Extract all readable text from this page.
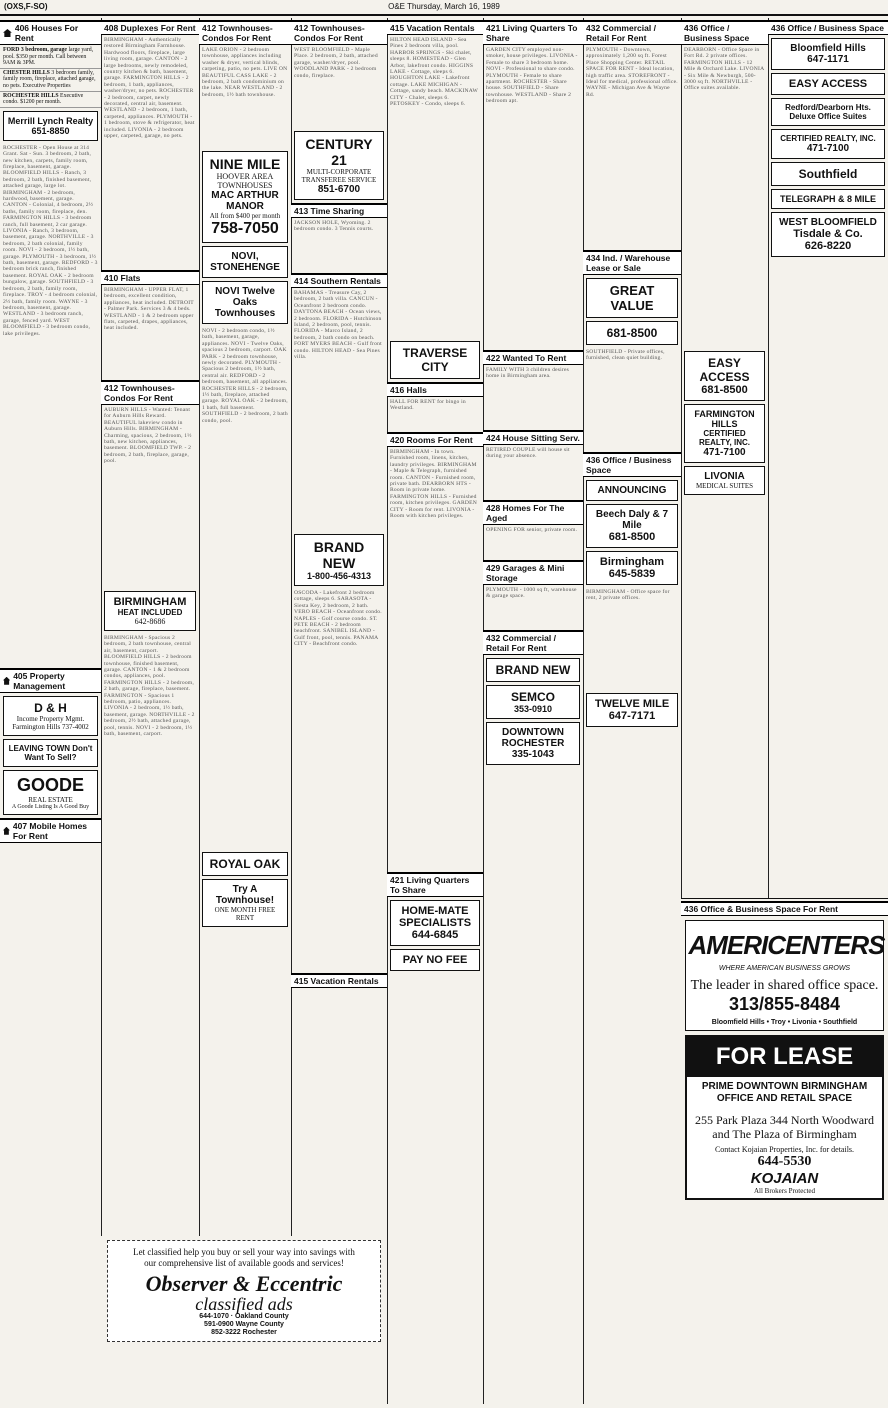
(OXS,F-SO)	O&E Thursday, March 16, 1989
406 Houses For Rent
FORD 3 bedroom, garage large yard, pool. $350 per month. Call between 9AM & 3PM.
CHESTER HILLS 3 bedroom family, family room, fireplace, attached garage, no pets. Executive Properties
ROCHESTER HILLS Executive condo. $1200 per month.
Merrill Lynch Realty
651-8850
ROCHESTER - Open House at 314 Grant. Sat - Sun. 3 bedroom, 2 bath, new kitchen, carpets, family room, fireplace, basement, garage. BLOOMFIELD HILLS - Ranch, 3 bedroom, 2 bath, finished basement, attached garage, large lot. BIRMINGHAM - 2 bedroom, hardwood, basement, garage. CANTON - Colonial, 4 bedroom, 2½ baths, family room, fireplace, den. FARMINGTON HILLS - 3 bedroom ranch, full basement, 2 car garage. LIVONIA - Ranch, 3 bedroom, basement, garage. NORTHVILLE - 3 bedroom, 2 bath colonial, family room. NOVI - 2 bedroom, 1½ bath, garage. PLYMOUTH - 3 bedroom, 1½ bath, basement, garage. REDFORD - 3 bedroom brick ranch, finished basement. ROYAL OAK - 2 bedroom bungalow, garage. SOUTHFIELD - 3 bedroom, 2 bath, family room, fireplace. TROY - 4 bedroom colonial, 2½ bath, family room. WAYNE - 3 bedroom, basement, garage. WESTLAND - 3 bedroom ranch, garage, fenced yard. WEST BLOOMFIELD - 3 bedroom condo, lake privileges.
405 Property Management
D & H
Income Property Mgmt.
Farmington Hills 737-4002
LEAVING TOWN Don't Want To Sell?
GOODE
REAL ESTATE
A Goode Listing Is A Good Buy
407 Mobile Homes For Rent
408 Duplexes For Rent
BIRMINGHAM - Authentically restored Birmingham Farmhouse. Hardwood floors, fireplace, large living room, garage. CANTON - 2 large bedrooms, newly remodeled, country kitchen & bath, basement, garage. FARMINGTON HILLS - 2 bedroom, 1 bath, appliances, washer/dryer, no pets. ROCHESTER - 2 bedroom, carpet, newly decorated, central air, basement. WESTLAND - 2 bedroom, 1 bath, carpeted, appliances. PLYMOUTH - 1 bedroom, stove & refrigerator, heat included. LIVONIA - 2 bedroom upper, carpeted, garage, no pets.
410 Flats
BIRMINGHAM - UPPER FLAT, 1 bedroom, excellent condition, appliances, heat included. DETROIT - Palmer Park. Services 3 & 4 beds. WESTLAND - 1 & 2 bedroom upper flats, carpeted, drapes, appliances, heat included.
412 Townhouses-Condos For Rent
AUBURN HILLS - Wanted: Tenant for Auburn Hills Reward. BEAUTIFUL lakeview condo in Auburn Hills. BIRMINGHAM - Charming, spacious, 2 bedroom, 1½ bath, new kitchen, appliances, basement. BLOOMFIELD TWP. - 2 bedroom, 2 bath, fireplace, garage, pool.
BIRMINGHAM
HEAT INCLUDED
642-8686
BIRMINGHAM - Spacious 2 bedroom, 2 bath townhouse, central air, basement, carport. BLOOMFIELD HILLS - 2 bedroom townhouse, finished basement, garage. CANTON - 1 & 2 bedroom condos, appliances, pool. FARMINGTON HILLS - 2 bedroom, 2 bath, garage, fireplace, basement. FARMINGTON - Spacious 1 bedroom, patio, appliances. LIVONIA - 2 bedroom, 1½ bath, basement, garage. NORTHVILLE - 2 bedroom, 2½ bath, attached garage, pool, tennis. NOVI - 2 bedroom, 1½ bath, basement, carport.
412 Townhouses-Condos For Rent
LAKE ORION - 2 bedroom townhouse, appliances including washer & dryer, vertical blinds, carpeting, patio, no pets. LIVE ON BEAUTIFUL CASS LAKE - 2 bedroom, 2 bath condominium on the lake. NEAR WESTLAND - 2 bedroom, 1½ bath townhouse.
NINE MILE
HOOVER AREA TOWNHOUSES
MAC ARTHUR MANOR
All from $400 per month
758-7050
NOVI, STONEHENGE
NOVI Twelve Oaks Townhouses
NOVI - 2 bedroom condo, 1½ bath, basement, garage, appliances. NOVI - Twelve Oaks, spacious 2 bedroom, carport. OAK PARK - 2 bedroom townhouse, newly decorated. PLYMOUTH - Spacious 2 bedroom, 1½ bath, central air. REDFORD - 2 bedroom, basement, all appliances. ROCHESTER HILLS - 2 bedroom, 1½ bath, fireplace, attached garage. ROYAL OAK - 2 bedroom, 1 bath, full basement. SOUTHFIELD - 2 bedroom, 2 bath condo, pool.
ROYAL OAK
Try A Townhouse!
ONE MONTH FREE RENT
412 Townhouses-Condos For Rent
WEST BLOOMFIELD - Maple Place. 2 bedroom, 2 bath, attached garage, washer/dryer, pool. WOODLAND PARK - 2 bedroom condo, fireplace.
CENTURY 21
MULTI-CORPORATE TRANSFEREE SERVICE
851-6700
413 Time Sharing
JACKSON HOLE, Wyoming. 2 bedroom condo. 3 Tennis courts.
414 Southern Rentals
BAHAMAS - Treasure Cay, 2 bedroom, 2 bath villa. CANCUN - Oceanfront 2 bedroom condo. DAYTONA BEACH - Ocean views, 2 bedroom. FLORIDA - Hutchinson Island, 2 bedroom, pool, tennis. FLORIDA - Marco Island, 2 bedroom, 2 bath condo on beach. FORT MYERS BEACH - Gulf front condo. HILTON HEAD - Sea Pines villa.
BRAND NEW
1-800-456-4313
OSCODA - Lakefront 2 bedroom cottage, sleeps 6. SARASOTA - Siesta Key, 2 bedroom, 2 bath. VERO BEACH - Oceanfront condo. NAPLES - Golf course condo. ST. PETE BEACH - 2 bedroom beachfront. SANIBEL ISLAND - Gulf front, pool, tennis. PANAMA CITY - Beachfront condo.
415 Vacation Rentals
415 Vacation Rentals
HILTON HEAD ISLAND - Sea Pines 2 bedroom villa, pool. HARBOR SPRINGS - Ski chalet, sleeps 8. HOMESTEAD - Glen Arbor, lakefront condo. HIGGINS LAKE - Cottage, sleeps 6. HOUGHTON LAKE - Lakefront cottage. LAKE MICHIGAN - Cottage, sandy beach. MACKINAW CITY - Chalet, sleeps 6. PETOSKEY - Condo, sleeps 6.
TRAVERSE CITY
416 Halls
HALL FOR RENT for bingo in Westland.
420 Rooms For Rent
BIRMINGHAM - In town. Furnished room, linens, kitchen, laundry privileges. BIRMINGHAM - Maple & Telegraph, furnished room. CANTON - Furnished room, private bath. DEARBORN HTS - Room in private home. FARMINGTON HILLS - Furnished room, kitchen privileges. GARDEN CITY - Room for rent. LIVONIA - Room with kitchen privileges.
421 Living Quarters To Share
HOME-MATE SPECIALISTS
644-6845
PAY NO FEE
421 Living Quarters To Share
GARDEN CITY employed non-smoker, house privileges. LIVONIA - Female to share 3 bedroom home. NOVI - Professional to share condo. PLYMOUTH - Female to share apartment. ROCHESTER - Share house. SOUTHFIELD - Share townhouse. WESTLAND - Share 2 bedroom apt.
422 Wanted To Rent
FAMILY WITH 3 children desires home in Birmingham area.
424 House Sitting Serv.
RETIRED COUPLE will house sit during your absence.
428 Homes For The Aged
OPENING FOR senior, private room.
429 Garages & Mini Storage
PLYMOUTH - 1000 sq ft, warehouse & garage space.
432 Commercial / Retail For Rent
BRAND NEW
SEMCO
353-0910
DOWNTOWN ROCHESTER
335-1043
432 Commercial / Retail For Rent
PLYMOUTH - Downtown, approximately 1,200 sq ft. Forest Place Shopping Center. RETAIL SPACE FOR RENT - Ideal location, high traffic area. STOREFRONT - Ideal for medical, professional office. WAYNE - Michigan Ave & Wayne Rd.
434 Ind. / Warehouse Lease or Sale
GREAT VALUE
681-8500
SOUTHFIELD - Private offices, furnished, clean quiet building.
436 Office / Business Space
ANNOUNCING
Beech Daly & 7 Mile
681-8500
Birmingham
645-5839
BIRMINGHAM - Office space for rent, 2 private offices.
TWELVE MILE
647-7171
436 Office / Business Space
DEARBORN - Office Space in Fort Rd. 2 private offices. FARMINGTON HILLS - 12 Mile & Orchard Lake. LIVONIA - Six Mile & Newburgh, 500-3000 sq ft. NORTHVILLE - Office suites available.
EASY ACCESS
681-8500
FARMINGTON HILLS
CERTIFIED REALTY, INC.
471-7100
LIVONIA
MEDICAL SUITES
436 Office / Business Space
Bloomfield Hills
647-1171
EASY ACCESS
Redford/Dearborn Hts. Deluxe Office Suites
CERTIFIED REALTY, INC.
471-7100
Southfield
TELEGRAPH & 8 MILE
WEST BLOOMFIELD
Tisdale & Co.
626-8220
436 Office & Business Space For Rent
AMERICENTERS
WHERE AMERICAN BUSINESS GROWS
The leader in shared office space.
313/855-8484
Bloomfield Hills • Troy • Livonia • Southfield
FOR LEASE
PRIME DOWNTOWN BIRMINGHAM OFFICE AND RETAIL SPACE
255 Park Plaza 344 North Woodward and The Plaza of Birmingham
Contact Kojaian Properties, Inc. for details.
644-5530
KOJAIAN
All Brokers Protected
Let classified help you buy or sell your way into savings with our comprehensive list of available goods and services!
Observer & Eccentric
classified ads
644-1070 · Oakland County
591-0900 Wayne County
852-3222 Rochester
